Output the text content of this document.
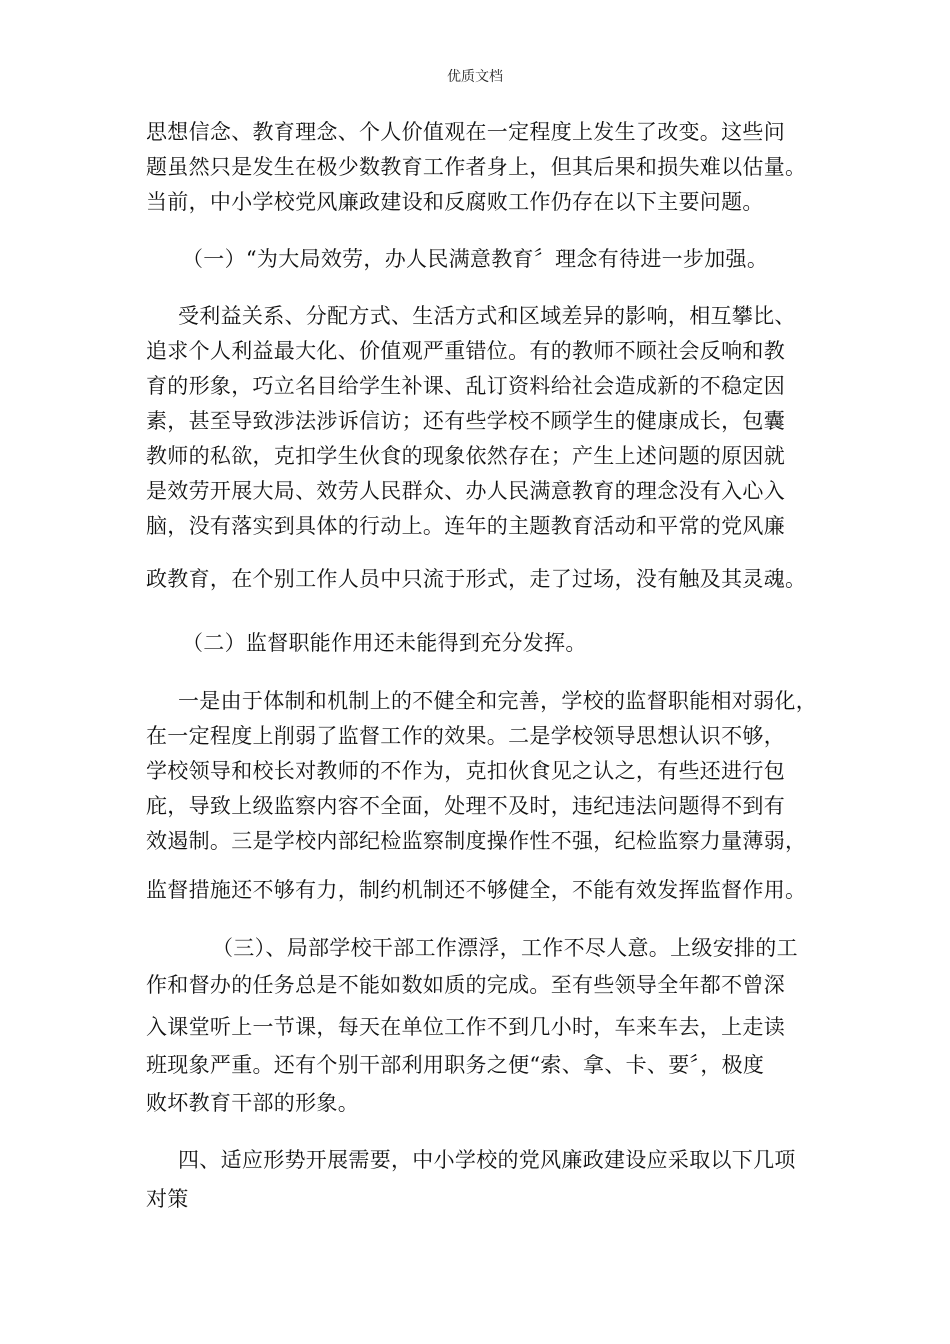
优质文档
思想信念、教育理念、个人价值观在一定程度上发生了改变。这些问
题虽然只是发生在极少数教育工作者身上，但其后果和损失难以估量。
当前，中小学校党风廉政建设和反腐败工作仍存在以下主要问题。
（一）“为大局效劳，办人民满意教育〞理念有待进一步加强。
受利益关系、分配方式、生活方式和区域差异的影响，相互攀比、
追求个人利益最大化、价值观严重错位。有的教师不顾社会反响和教
育的形象，巧立名目给学生补课、乱订资料给社会造成新的不稳定因
素，甚至导致涉法涉诉信访；还有些学校不顾学生的健康成长，包囊
教师的私欲，克扣学生伙食的现象依然存在；产生上述问题的原因就
是效劳开展大局、效劳人民群众、办人民满意教育的理念没有入心入
脑，没有落实到具体的行动上。连年的主题教育活动和平常的党风廉
政教育，在个别工作人员中只流于形式，走了过场，没有触及其灵魂。
（二）监督职能作用还未能得到充分发挥。
一是由于体制和机制上的不健全和完善，学校的监督职能相对弱化，
在一定程度上削弱了监督工作的效果。二是学校领导思想认识不够，
学校领导和校长对教师的不作为，克扣伙食见之认之，有些还进行包
庇，导致上级监察内容不全面，处理不及时，违纪违法问题得不到有
效遏制。三是学校内部纪检监察制度操作性不强，纪检监察力量薄弱，
监督措施还不够有力，制约机制还不够健全，不能有效发挥监督作用。
（三）、局部学校干部工作漂浮，工作不尽人意。上级安排的工
作和督办的任务总是不能如数如质的完成。至有些领导全年都不曾深
入课堂听上一节课，每天在单位工作不到几小时，车来车去，上走读
班现象严重。还有个别干部利用职务之便“索、拿、卡、要〞，极度
败坏教育干部的形象。
四、适应形势开展需要，中小学校的党风廉政建设应采取以下几项
对策
